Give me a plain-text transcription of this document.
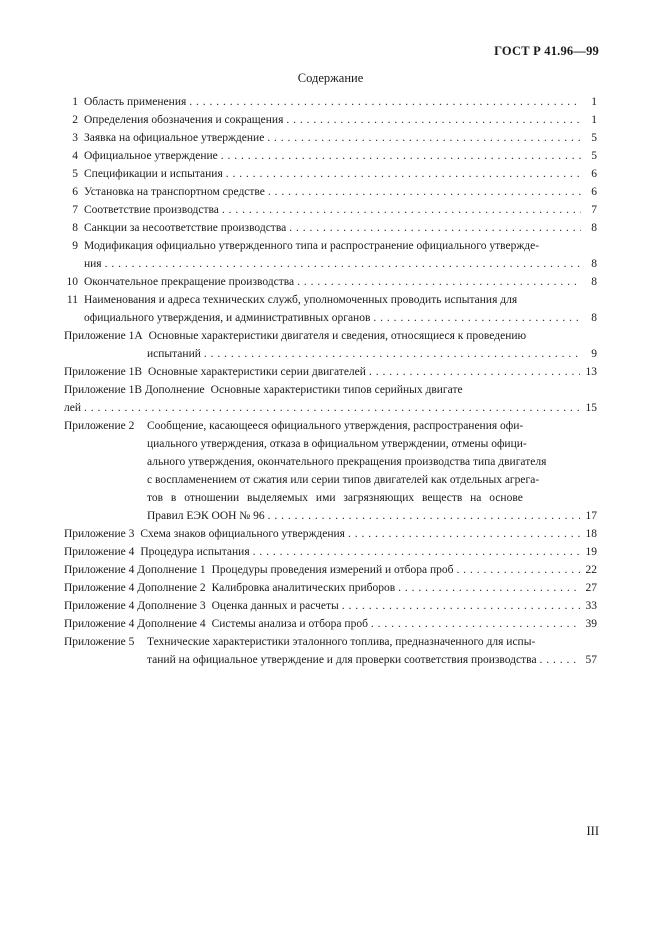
ГОСТ Р 41.96—99
Содержание
1 Область применения . . .	1
2 Определения обозначения и сокращения . . .	1
3 Заявка на официальное утверждение . . .	5
4 Официальное утверждение . . .	5
5 Спецификации и испытания . . .	6
6 Установка на транспортном средстве . . .	6
7 Соответствие производства . . .	7
8 Санкции за несоответствие производства . . .	8
9 Модификация официально утвержденного типа и распространение официального утвержде-
ния . . .	8
10 Окончательное прекращение производства . . .	8
11 Наименования и адреса технических служб, уполномоченных проводить испытания для
официального утверждения, и административных органов . . .	8
Приложение 1А Основные характеристики двигателя и сведения, относящиеся к проведению
испытаний . . .	9
Приложение 1В Основные характеристики серии двигателей . . .	13
Приложение 1В Дополнение Основные характеристики типов серийных двигате
лей . . .	15
Приложение 2	Сообщение, касающееся официального утверждения, распространения офи-
циального утверждения, отказа в официальном утверждении, отмены офици-
ального утверждения, окончательного прекращения производства типа двигателя
с воспламенением от сжатия или серии типов двигателей как отдельных агрега-
тов в отношении выделяемых ими загрязняющих веществ на основе
Правил ЕЭК ООН № 96 . . .	17
Приложение 3 Схема знаков официального утверждения . . .	18
Приложение 4 Процедура испытания . . .	19
Приложение 4 Дополнение 1 Процедуры проведения измерений и отбора проб . . .	22
Приложение 4 Дополнение 2 Калибровка аналитических приборов . . .	27
Приложение 4 Дополнение 3 Оценка данных и расчеты . . .	33
Приложение 4 Дополнение 4 Системы анализа и отбора проб . . .	39
Приложение 5	Технические характеристики эталонного топлива, предназначенного для испы-
таний на официальное утверждение и для проверки соответствия производства . . .	57
III
